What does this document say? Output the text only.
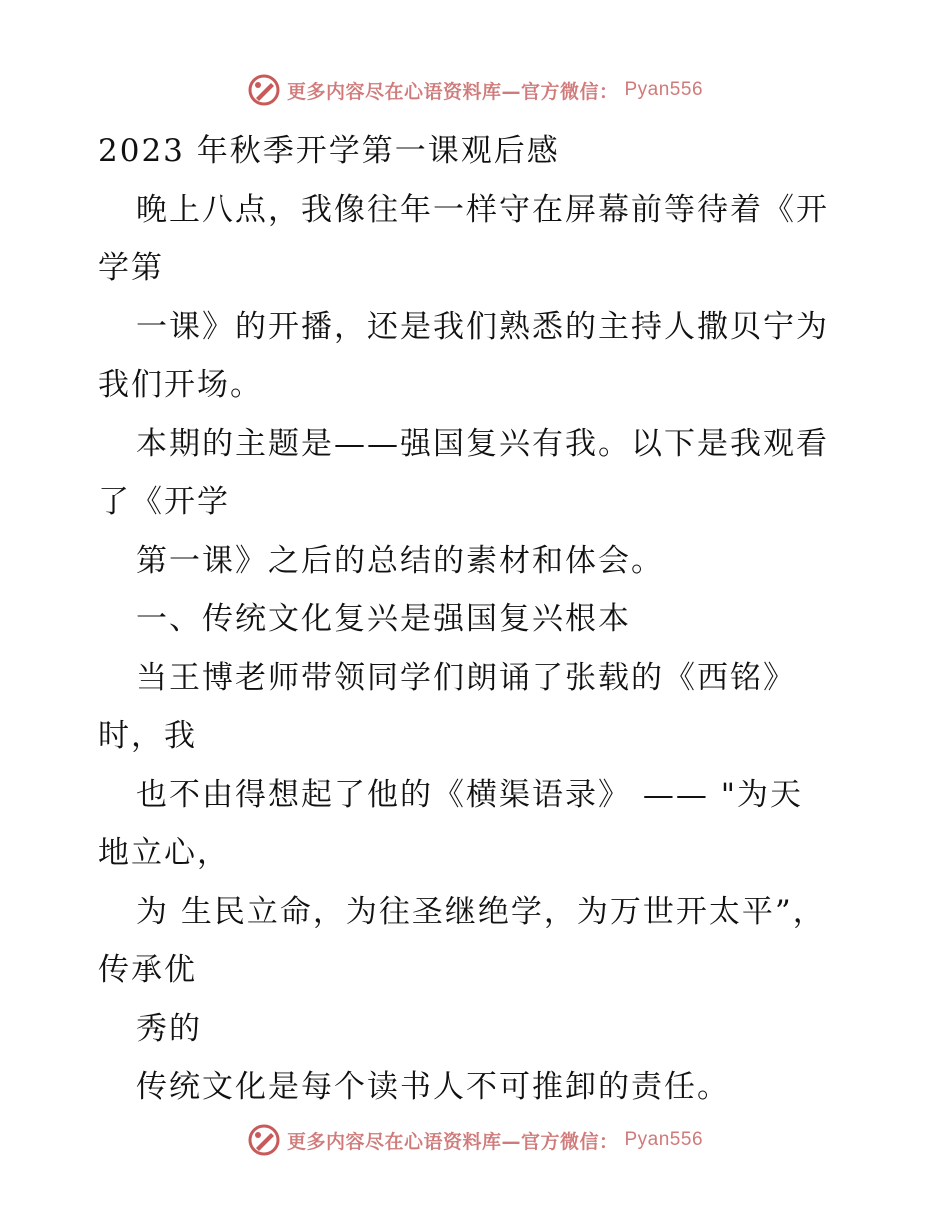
更多内容尽在心语资料库—官方微信： Pyan556
2023 年秋季开学第一课观后感
晚上八点，我像往年一样守在屏幕前等待着《开
学第
一课》的开播，还是我们熟悉的主持人撒贝宁为
我们开场。
本期的主题是——强国复兴有我。以下是我观看
了《开学
第一课》之后的总结的素材和体会。
一、传统文化复兴是强国复兴根本
当王博老师带领同学们朗诵了张载的《西铭》
时，我
也不由得想起了他的《横渠语录》 —— "为天
地立心，
为 生民立命，为往圣继绝学，为万世开太平”，
传承优
秀的
传统文化是每个读书人不可推卸的责任。
更多内容尽在心语资料库—官方微信： Pyan556
